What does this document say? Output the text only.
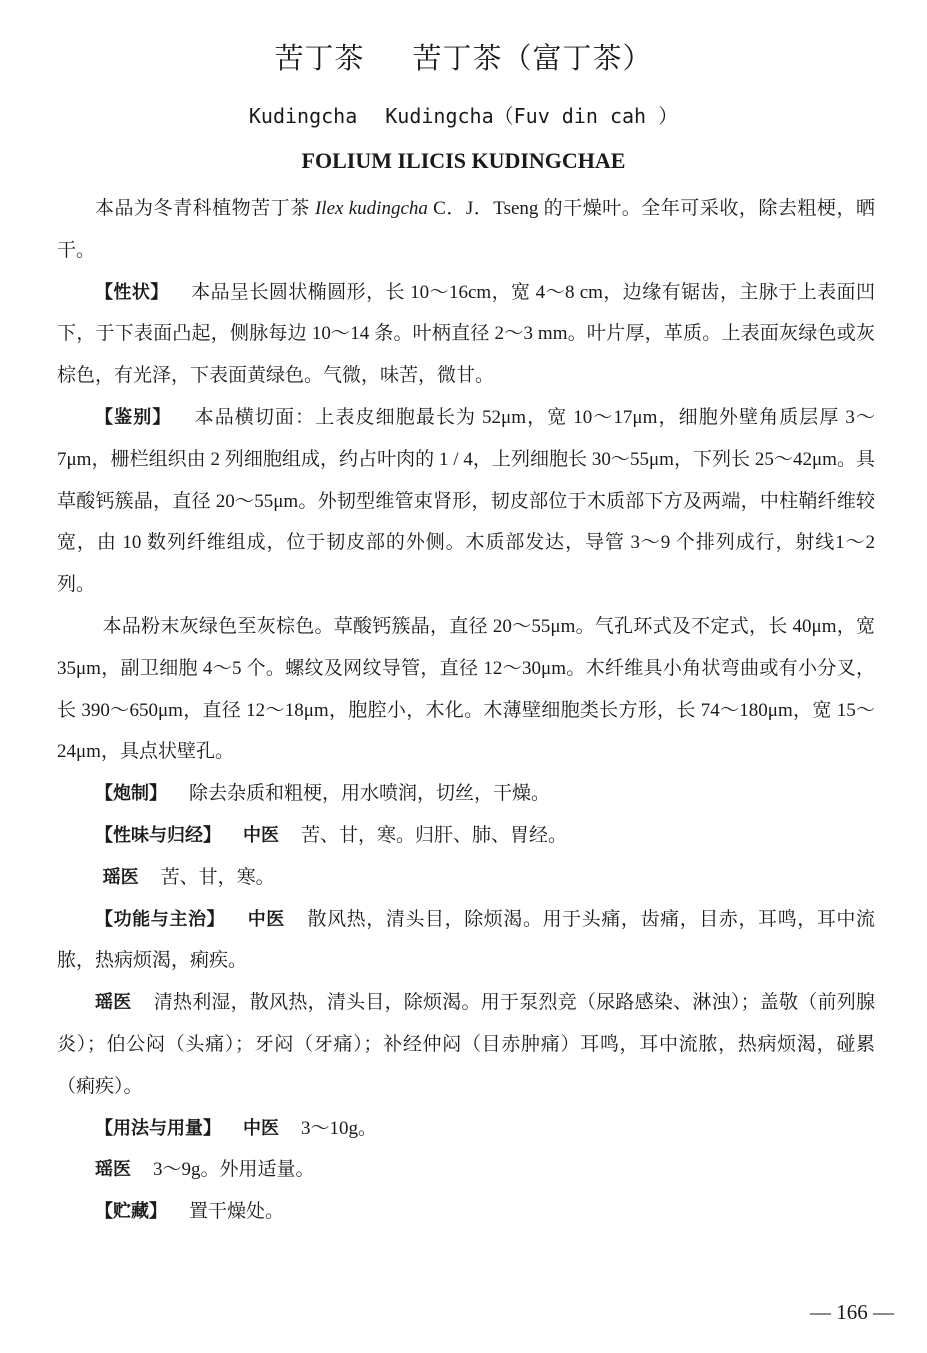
苦丁茶 苦丁茶（富丁茶）
Kudingcha Kudingcha（Fuv din cah ）
FOLIUM ILICIS KUDINGCHAE

本品为冬青科植物苦丁茶 Ilex kudingcha C．J．Tseng 的干燥叶。全年可采收，除去粗梗，晒干。

【性状】 本品呈长圆状椭圆形，长 10～16cm，宽 4～8 cm，边缘有锯齿，主脉于上表面凹下，于下表面凸起，侧脉每边 10～14 条。叶柄直径 2～3 mm。叶片厚，革质。上表面灰绿色或灰棕色，有光泽，下表面黄绿色。气微，味苦，微甘。

【鉴别】 本品横切面：上表皮细胞最长为 52μm，宽 10～17μm，细胞外壁角质层厚 3～7μm，栅栏组织由 2 列细胞组成，约占叶肉的 1 / 4，上列细胞长 30～55μm，下列长 25～42μm。具草酸钙簇晶，直径 20～55μm。外韧型维管束肾形，韧皮部位于木质部下方及两端，中柱鞘纤维较宽，由 10 数列纤维组成，位于韧皮部的外侧。木质部发达，导管 3～9 个排列成行，射线1～2 列。

本品粉末灰绿色至灰棕色。草酸钙簇晶，直径 20～55μm。气孔环式及不定式，长 40μm，宽 35μm，副卫细胞 4～5 个。螺纹及网纹导管，直径 12～30μm。木纤维具小角状弯曲或有小分叉，长 390～650μm，直径 12～18μm，胞腔小，木化。木薄壁细胞类长方形，长 74～180μm，宽 15～24μm，具点状壁孔。

【炮制】 除去杂质和粗梗，用水喷润，切丝，干燥。

【性味与归经】 中医 苦、甘，寒。归肝、肺、胃经。

瑶医 苦、甘，寒。

【功能与主治】 中医 散风热，清头目，除烦渴。用于头痛，齿痛，目赤，耳鸣，耳中流脓，热病烦渴，痢疾。

瑶医 清热利湿，散风热，清头目，除烦渴。用于泵烈竞（尿路感染、淋浊）；盖敬（前列腺炎）；伯公闷（头痛）；牙闷（牙痛）；补经仲闷（目赤肿痛）耳鸣，耳中流脓，热病烦渴，碰累（痢疾）。

【用法与用量】 中医 3～10g。

瑶医 3～9g。外用适量。

【贮藏】 置干燥处。

— 166 —
